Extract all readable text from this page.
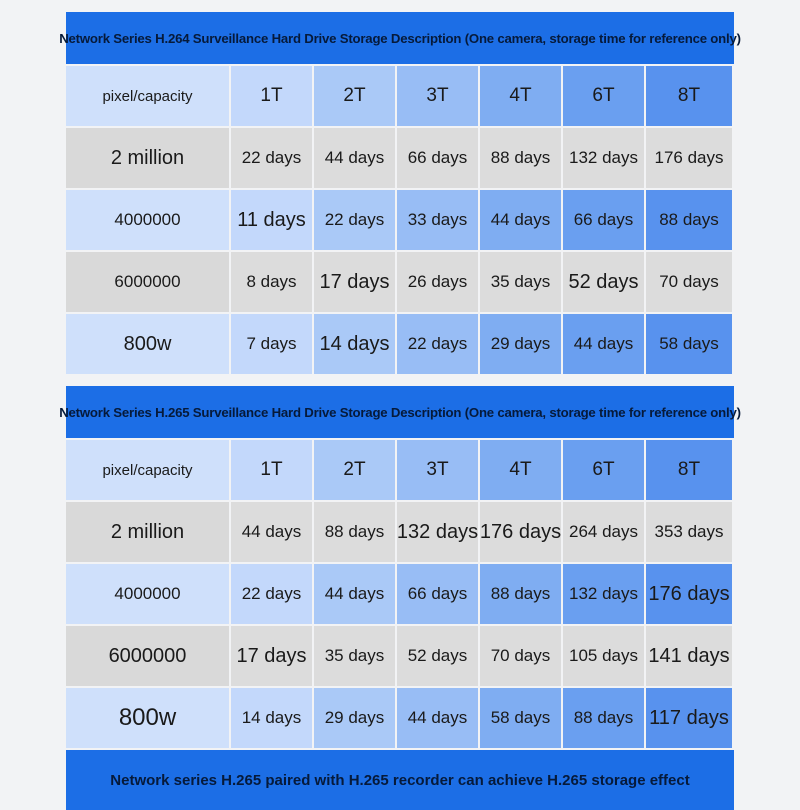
Network Series H.264 Surveillance Hard Drive Storage Description (One camera, storage time for reference only)
pixel/capacity	1T	2T	3T	4T	6T	8T
2 million	22 days	44 days	66 days	88 days	132 days 176 days
4000000	11 days	22 days	33 days	44 days	66 days	88 days
6000000	8 days	17 days	26 days	35 days 52 days	70 days
800w	7 days	14 days	22 days	29 days	44 days	58 days
Network Series H.265 Surveillance Hard Drive Storage Description (One camera, storage time for reference only)
pixel/capacity	1T	2T	3T	4T	6T	8T
2 million	44 days	88 days 132 days 176 days 264 days 353 days
4000000	22 days	44 days	66 days	88 days	132 days 176 days
6000000	17 days	35 days	52 days	70 days	105 days 141 days
800w	14 days	29 days	44 days	58 days	88 days 117 days
Network series H.265 paired with H.265 recorder can achieve H.265 storage effect
